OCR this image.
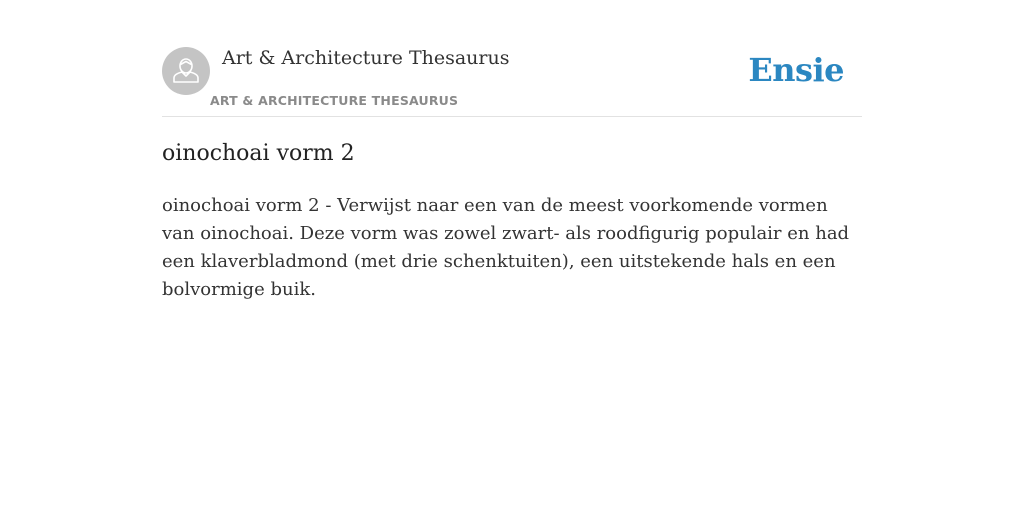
Art & Architecture Thesaurus
ART & ARCHITECTURE THESAURUS
Ensie
oinochoai vorm 2

oinochoai vorm 2 - Verwijst naar een van de meest voorkomende vormen van oinochoai. Deze vorm was zowel zwart- als roodfigurig populair en had een klaverbladmond (met drie schenktuiten), een uitstekende hals en een bolvormige buik.
